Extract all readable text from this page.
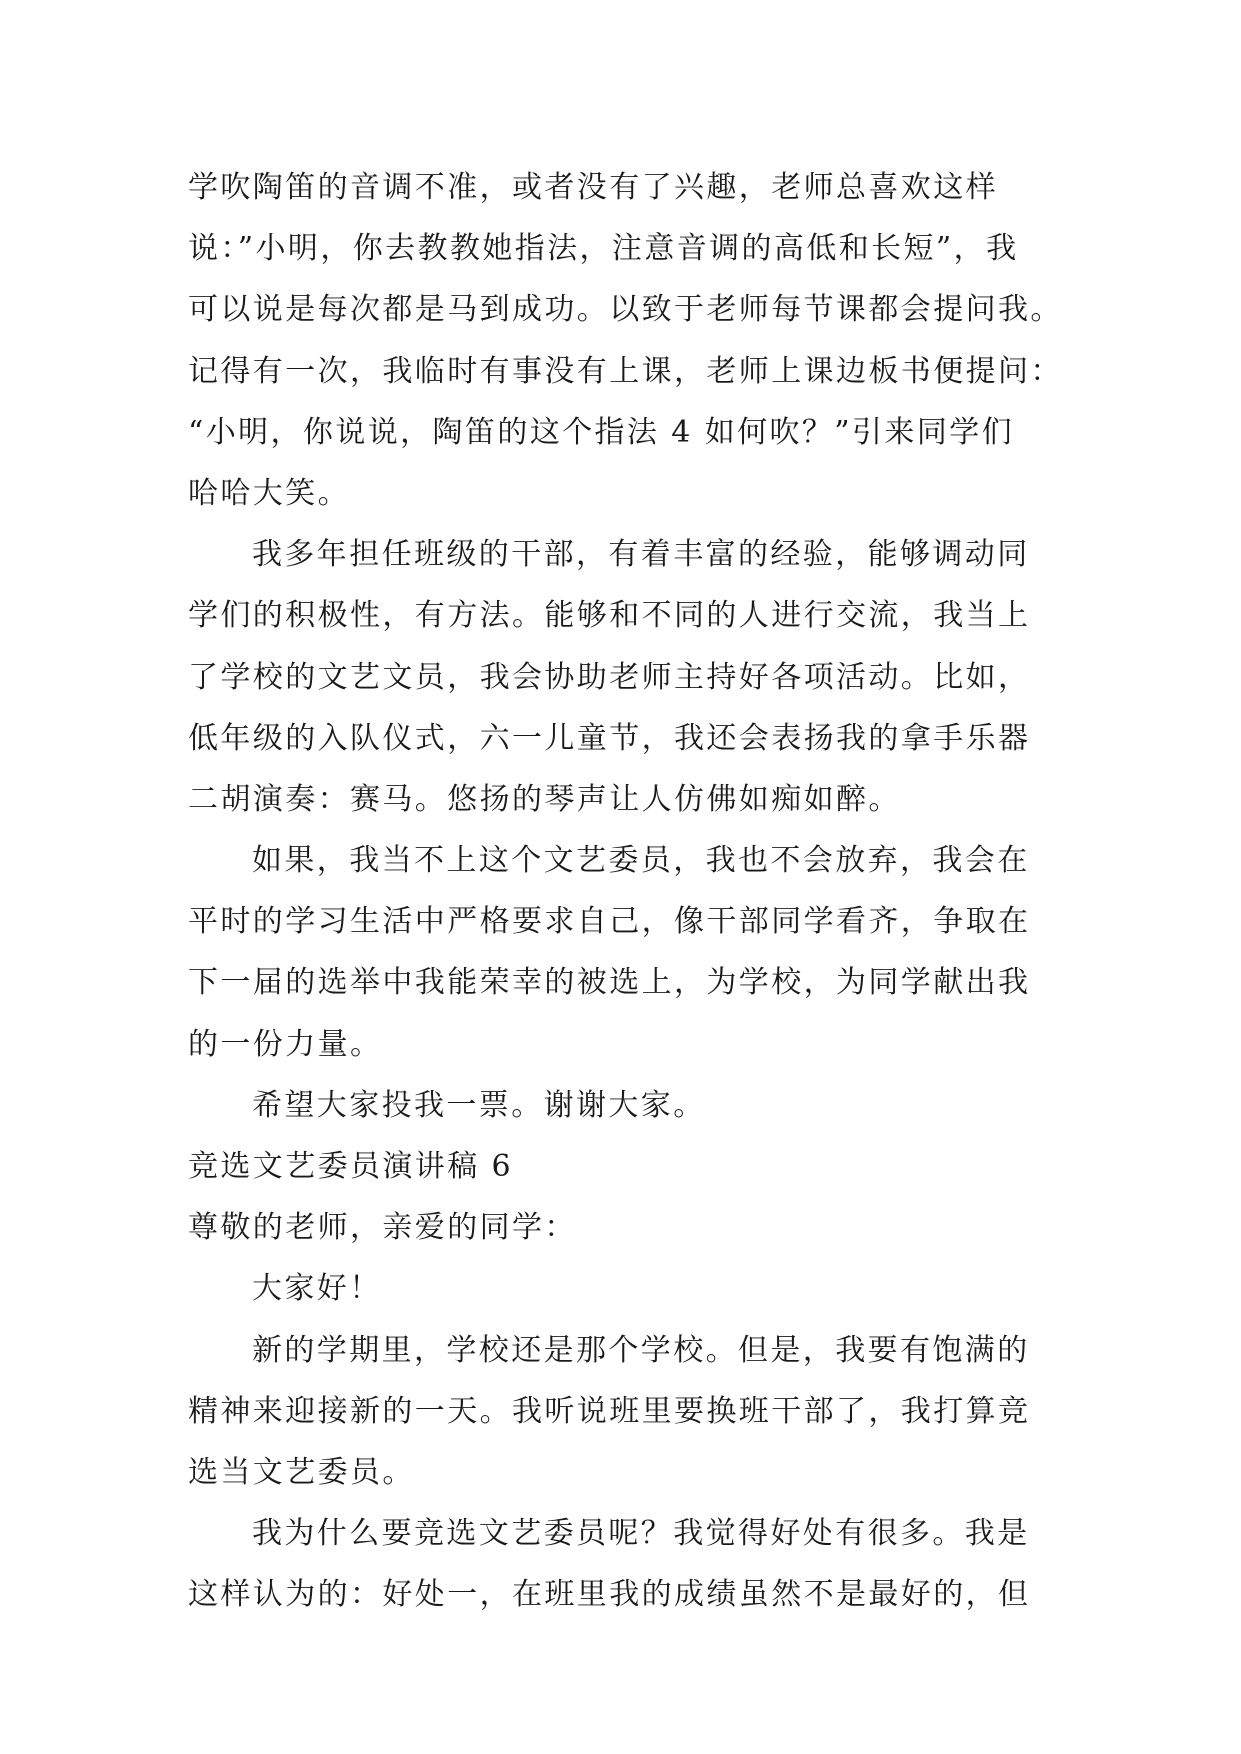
学吹陶笛的音调不准，或者没有了兴趣，老师总喜欢这样
说：”小明，你去教教她指法，注意音调的高低和长短”，我
可以说是每次都是马到成功。以致于老师每节课都会提问我。
记得有一次，我临时有事没有上课，老师上课边板书便提问：
“小明，你说说，陶笛的这个指法 4 如何吹？”引来同学们
哈哈大笑。
我多年担任班级的干部，有着丰富的经验，能够调动同
学们的积极性，有方法。能够和不同的人进行交流，我当上
了学校的文艺文员，我会协助老师主持好各项活动。比如，
低年级的入队仪式，六一儿童节，我还会表扬我的拿手乐器
二胡演奏：赛马。悠扬的琴声让人仿佛如痴如醉。
如果，我当不上这个文艺委员，我也不会放弃，我会在
平时的学习生活中严格要求自己，像干部同学看齐，争取在
下一届的选举中我能荣幸的被选上，为学校，为同学献出我
的一份力量。
希望大家投我一票。谢谢大家。
竞选文艺委员演讲稿 6
尊敬的老师，亲爱的同学：
大家好！
新的学期里，学校还是那个学校。但是，我要有饱满的
精神来迎接新的一天。我听说班里要换班干部了，我打算竞
选当文艺委员。
我为什么要竞选文艺委员呢？我觉得好处有很多。我是
这样认为的：好处一，在班里我的成绩虽然不是最好的，但
